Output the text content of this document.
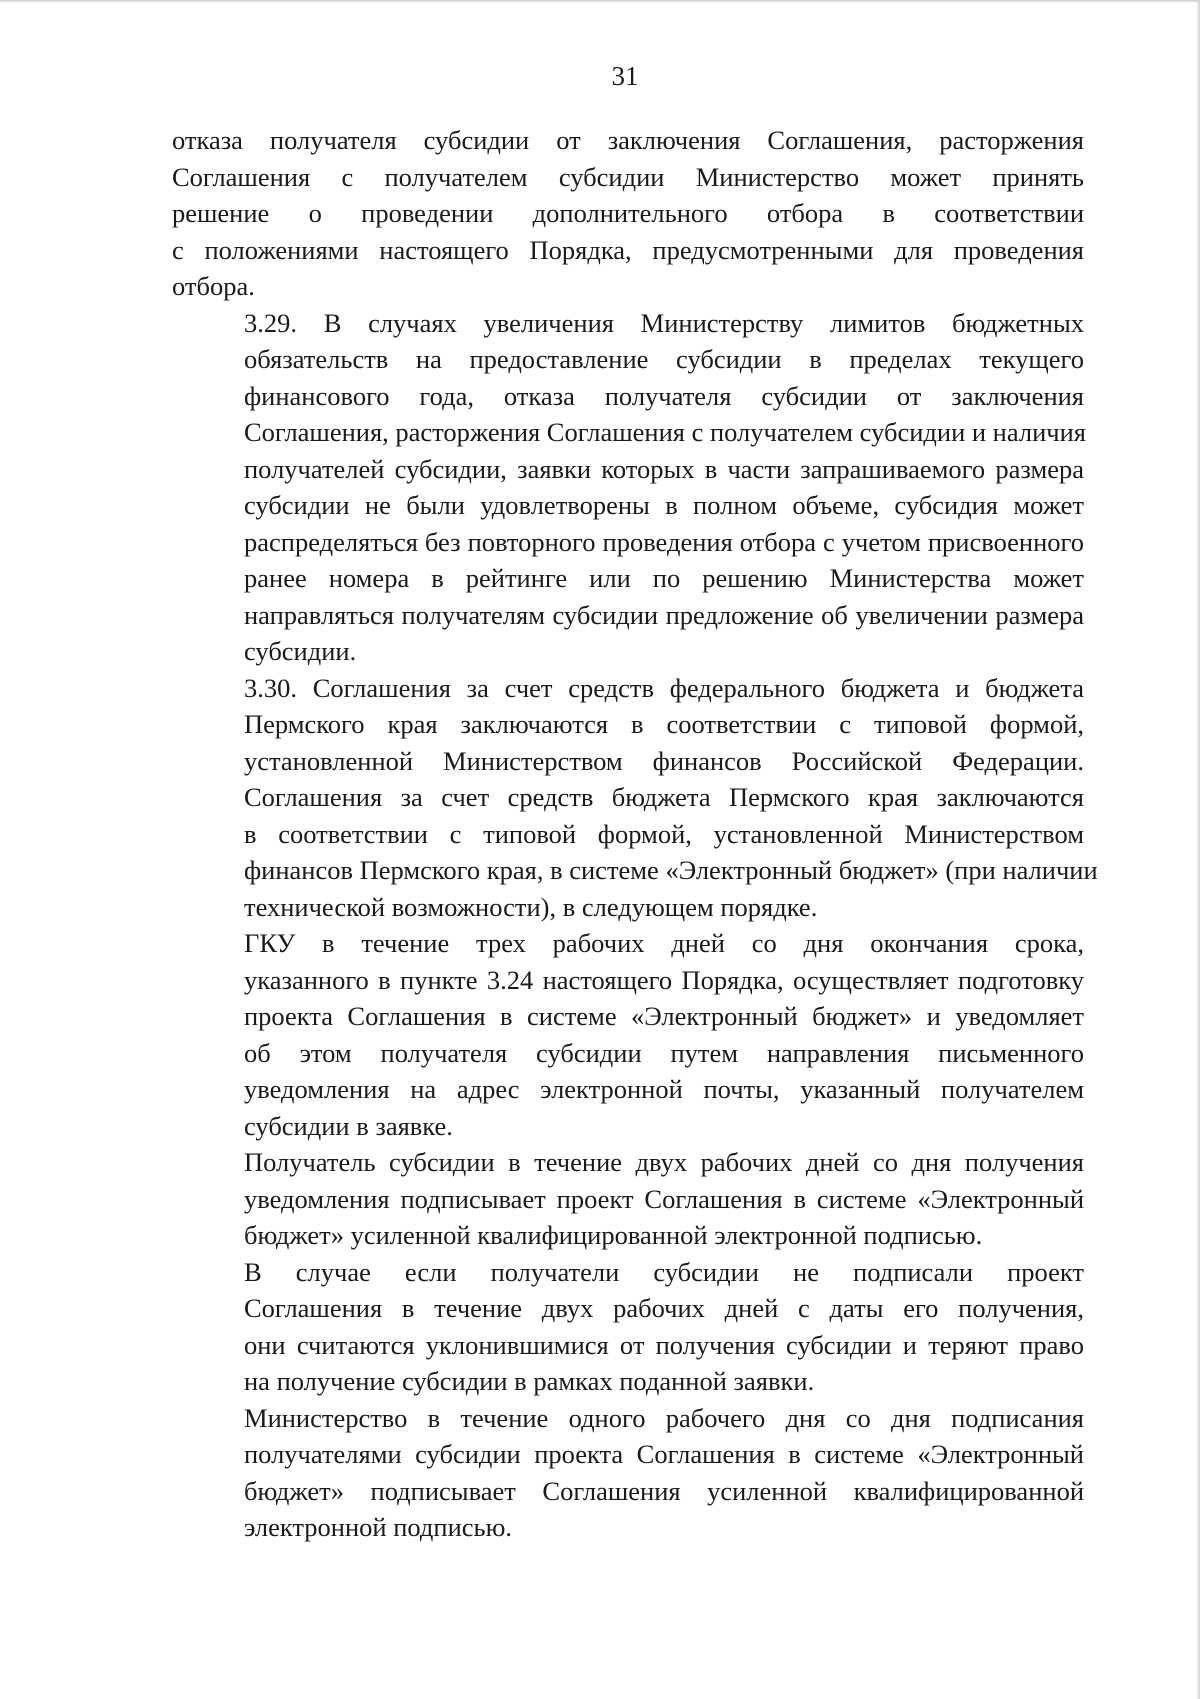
31

отказа получателя субсидии от заключения Соглашения, расторжения
Соглашения с получателем субсидии Министерство может принять
решение о проведении дополнительного отбора в соответствии
с положениями настоящего Порядка, предусмотренными для проведения
отбора.

3.29. В случаях увеличения Министерству лимитов бюджетных
обязательств на предоставление субсидии в пределах текущего
финансового года, отказа получателя субсидии от заключения
Соглашения, расторжения Соглашения с получателем субсидии и наличия
получателей субсидии, заявки которых в части запрашиваемого размера
субсидии не были удовлетворены в полном объеме, субсидия может
распределяться без повторного проведения отбора с учетом присвоенного
ранее номера в рейтинге или по решению Министерства может
направляться получателям субсидии предложение об увеличении размера
субсидии.

3.30. Соглашения за счет средств федерального бюджета и бюджета
Пермского края заключаются в соответствии с типовой формой,
установленной Министерством финансов Российской Федерации.
Соглашения за счет средств бюджета Пермского края заключаются
в соответствии с типовой формой, установленной Министерством
финансов Пермского края, в системе «Электронный бюджет» (при наличии
технической возможности), в следующем порядке.

ГКУ в течение трех рабочих дней со дня окончания срока,
указанного в пункте 3.24 настоящего Порядка, осуществляет подготовку
проекта Соглашения в системе «Электронный бюджет» и уведомляет
об этом получателя субсидии путем направления письменного
уведомления на адрес электронной почты, указанный получателем
субсидии в заявке.

Получатель субсидии в течение двух рабочих дней со дня получения
уведомления подписывает проект Соглашения в системе «Электронный
бюджет» усиленной квалифицированной электронной подписью.

В случае если получатели субсидии не подписали проект
Соглашения в течение двух рабочих дней с даты его получения,
они считаются уклонившимися от получения субсидии и теряют право
на получение субсидии в рамках поданной заявки.

Министерство в течение одного рабочего дня со дня подписания
получателями субсидии проекта Соглашения в системе «Электронный
бюджет» подписывает Соглашения усиленной квалифицированной
электронной подписью.
